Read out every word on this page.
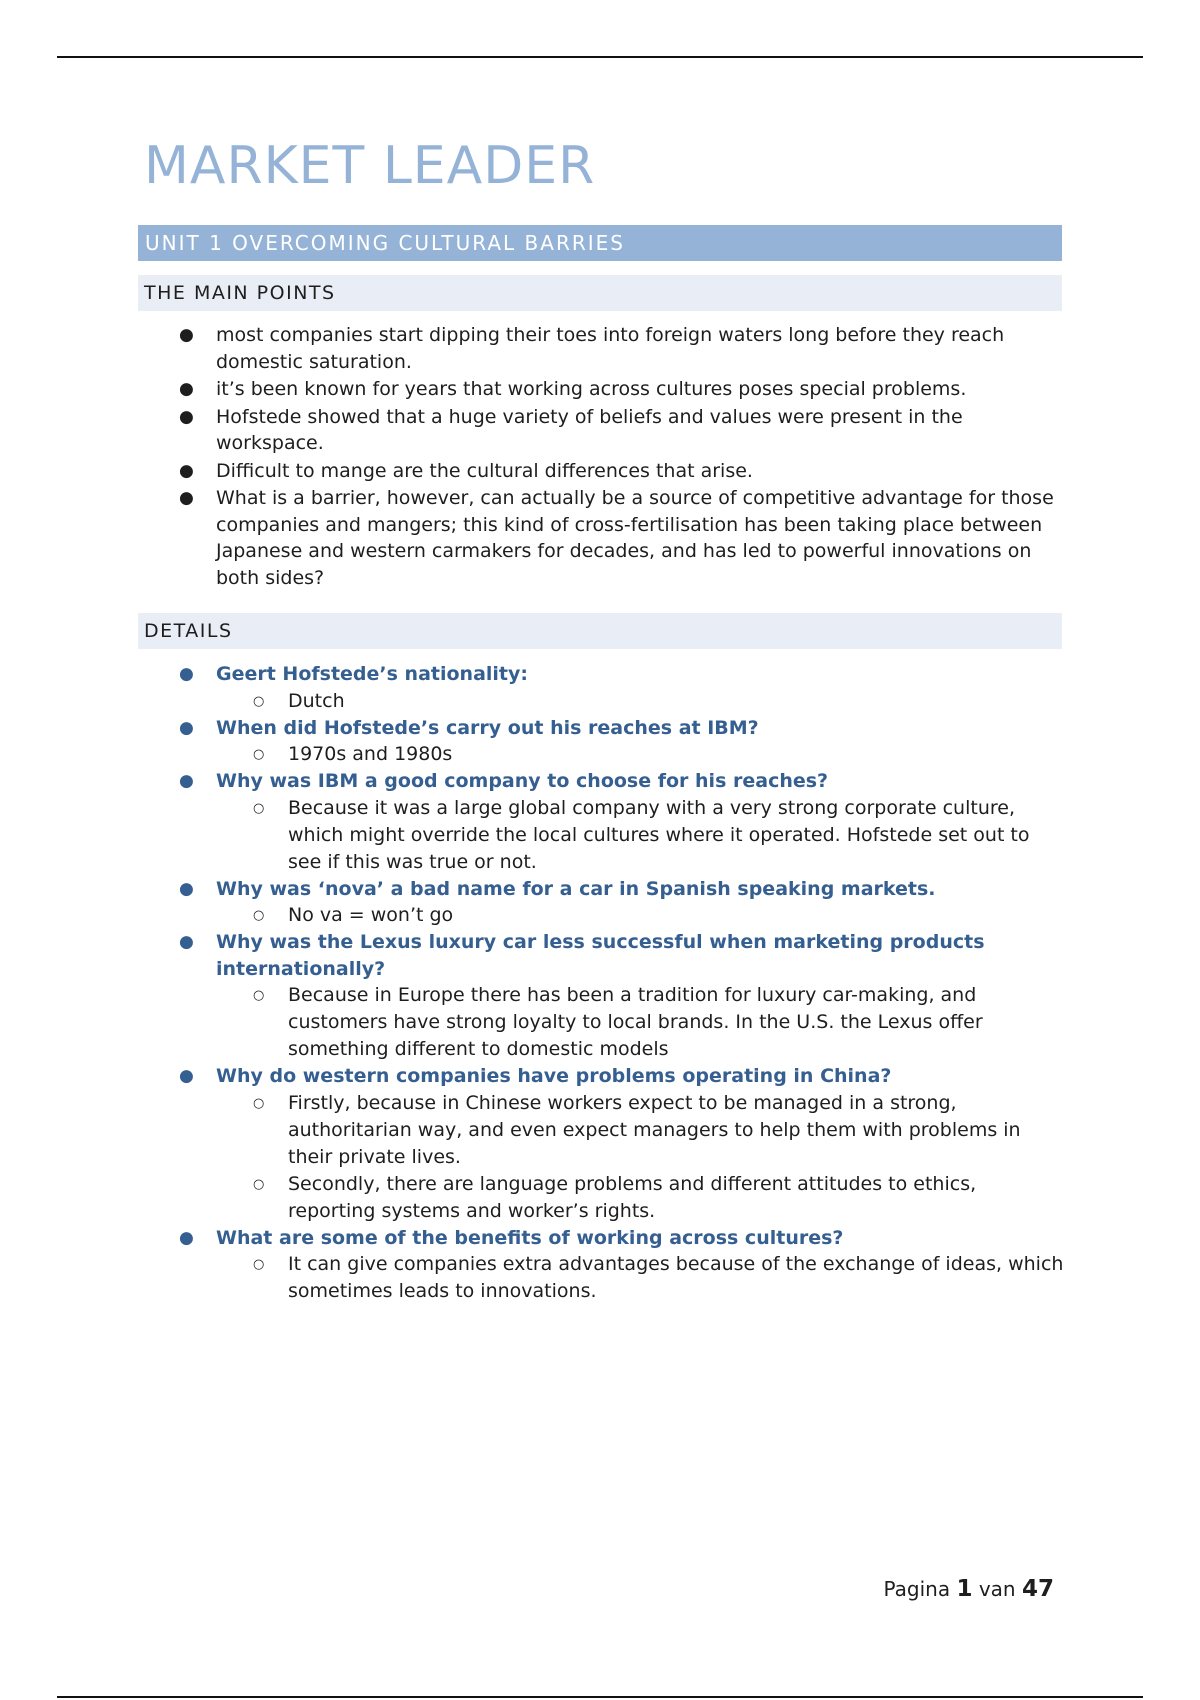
MARKET LEADER
UNIT 1 OVERCOMING CULTURAL BARRIES
THE MAIN POINTS
● most companies start dipping their toes into foreign waters long before they reach domestic saturation.
● it’s been known for years that working across cultures poses special problems.
● Hofstede showed that a huge variety of beliefs and values were present in the workspace.
● Difficult to mange are the cultural differences that arise.
● What is a barrier, however, can actually be a source of competitive advantage for those companies and mangers; this kind of cross-fertilisation has been taking place between Japanese and western carmakers for decades, and has led to powerful innovations on both sides?
DETAILS
● Geert Hofstede’s nationality:
○ Dutch
● When did Hofstede’s carry out his reaches at IBM?
○ 1970s and 1980s
● Why was IBM a good company to choose for his reaches?
○ Because it was a large global company with a very strong corporate culture, which might override the local cultures where it operated. Hofstede set out to see if this was true or not.
● Why was ‘nova’ a bad name for a car in Spanish speaking markets.
○ No va = won’t go
● Why was the Lexus luxury car less successful when marketing products internationally?
○ Because in Europe there has been a tradition for luxury car-making, and customers have strong loyalty to local brands. In the U.S. the Lexus offer something different to domestic models
● Why do western companies have problems operating in China?
○ Firstly, because in Chinese workers expect to be managed in a strong, authoritarian way, and even expect managers to help them with problems in their private lives.
○ Secondly, there are language problems and different attitudes to ethics, reporting systems and worker’s rights.
● What are some of the benefits of working across cultures?
○ It can give companies extra advantages because of the exchange of ideas, which sometimes leads to innovations.
Pagina 1 van 47
